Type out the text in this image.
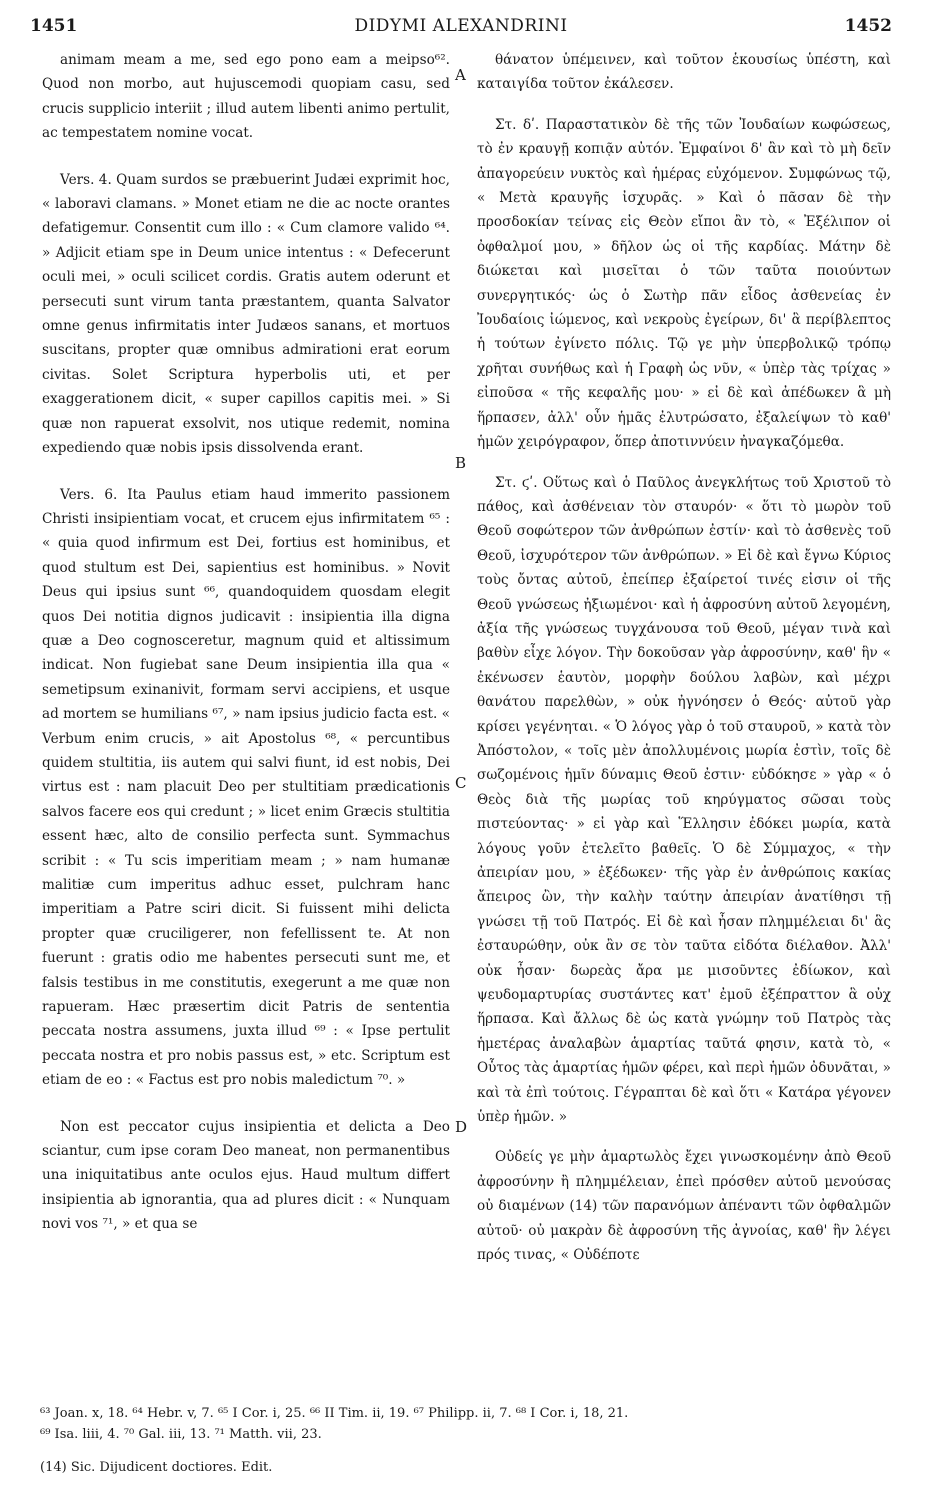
1451	DIDYMI ALEXANDRINI	1452

animam meam a me, sed ego pono eam a meipso⁶². Quod non morbo, aut hujuscemodi quopiam casu, sed crucis supplicio interiit ; illud autem libenti animo pertulit, ac tempestatem nomine vocat.

Vers. 4. Quam surdos se præbuerint Judæi exprimit hoc, « laboravi clamans. » Monet etiam ne die ac nocte orantes defatigemur. Consentit cum illo : « Cum clamore valido ⁶⁴. » Adjicit etiam spe in Deum unice intentus : « Defecerunt oculi mei, » oculi scilicet cordis. Gratis autem oderunt et persecuti sunt virum tanta præstantem, quanta Salvator omne genus infirmitatis inter Judæos sanans, et mortuos suscitans, propter quæ omnibus admirationi erat eorum civitas. Solet Scriptura hyperbolis uti, et per exaggerationem dicit, « super capillos capitis mei. » Si quæ non rapuerat exsolvit, nos utique redemit, nomina expediendo quæ nobis ipsis dissolvenda erant.

Vers. 6. Ita Paulus etiam haud immerito passionem Christi insipientiam vocat, et crucem ejus infirmitatem ⁶⁵ : « quia quod infirmum est Dei, fortius est hominibus, et quod stultum est Dei, sapientius est hominibus. » Novit Deus qui ipsius sunt ⁶⁶, quandoquidem quosdam elegit quos Dei notitia dignos judicavit : insipientia illa digna quæ a Deo cognosceretur, magnum quid et altissimum indicat. Non fugiebat sane Deum insipientia illa qua « semetipsum exinanivit, formam servi accipiens, et usque ad mortem se humilians ⁶⁷, » nam ipsius judicio facta est. « Verbum enim crucis, » ait Apostolus ⁶⁸, « percuntibus quidem stultitia, iis autem qui salvi fiunt, id est nobis, Dei virtus est : nam placuit Deo per stultitiam prædicationis salvos facere eos qui credunt ; » licet enim Græcis stultitia essent hæc, alto de consilio perfecta sunt. Symmachus scribit : « Tu scis imperitiam meam ; » nam humanæ malitiæ cum imperitus adhuc esset, pulchram hanc imperitiam a Patre sciri dicit. Si fuissent mihi delicta propter quæ cruciligerer, non fefellissent te. At non fuerunt : gratis odio me habentes persecuti sunt me, et falsis testibus in me constitutis, exegerunt a me quæ non rapueram. Hæc præsertim dicit Patris de sententia peccata nostra assumens, juxta illud ⁶⁹ : « Ipse pertulit peccata nostra et pro nobis passus est, » etc. Scriptum est etiam de eo : « Factus est pro nobis maledictum ⁷⁰. »

Non est peccator cujus insipientia et delicta a Deo sciantur, cum ipse coram Deo maneat, non permanentibus una iniquitatibus ante oculos ejus. Haud multum differt insipientia ab ignorantia, qua ad plures dicit : « Nunquam novi vos ⁷¹, » et qua se

A
B
C
D

θάνατον ὑπέμεινεν, καὶ τοῦτον ἑκουσίως ὑπέστη, καὶ καταιγίδα τοῦτον ἐκάλεσεν.

Στ. δʹ. Παραστατικὸν δὲ τῆς τῶν Ἰουδαίων κωφώσεως, τὸ ἐν κραυγῇ κοπιᾷν αὐτόν. Ἐμφαίνοι δ' ἂν καὶ τὸ μὴ δεῖν ἀπαγορεύειν νυκτὸς καὶ ἡμέρας εὐχόμενον. Συμφώνως τῷ, « Μετὰ κραυγῆς ἰσχυρᾶς. » Καὶ ὁ πᾶσαν δὲ τὴν προσδοκίαν τείνας εἰς Θεὸν εἴποι ἂν τὸ, « Ἐξέλιπον οἱ ὀφθαλμοί μου, » δῆλον ὡς οἱ τῆς καρδίας. Μάτην δὲ διώκεται καὶ μισεῖται ὁ τῶν ταῦτα ποιούντων συνεργητικός· ὡς ὁ Σωτὴρ πᾶν εἶδος ἀσθενείας ἐν Ἰουδαίοις ἰώμενος, καὶ νεκροὺς ἐγείρων, δι' ἃ περίβλεπτος ἡ τούτων ἐγίνετο πόλις. Τῷ γε μὴν ὑπερβολικῷ τρόπῳ χρῆται συνήθως καὶ ἡ Γραφὴ ὡς νῦν, « ὑπὲρ τὰς τρίχας » εἰποῦσα « τῆς κεφαλῆς μου· » εἰ δὲ καὶ ἀπέδωκεν ἃ μὴ ἥρπασεν, ἀλλ' οὖν ἡμᾶς ἐλυτρώσατο, ἐξαλείψων τὸ καθ' ἡμῶν χειρόγραφον, ὅπερ ἀποτιννύειν ἠναγκαζόμεθα.

Στ. ϛʹ. Οὕτως καὶ ὁ Παῦλος ἀνεγκλήτως τοῦ Χριστοῦ τὸ πάθος, καὶ ἀσθένειαν τὸν σταυρόν· « ὅτι τὸ μωρὸν τοῦ Θεοῦ σοφώτερον τῶν ἀνθρώπων ἐστίν· καὶ τὸ ἀσθενὲς τοῦ Θεοῦ, ἰσχυρότερον τῶν ἀνθρώπων. » Εἰ δὲ καὶ ἔγνω Κύριος τοὺς ὄντας αὐτοῦ, ἐπείπερ ἐξαίρετοί τινές εἰσιν οἱ τῆς Θεοῦ γνώσεως ἠξιωμένοι· καὶ ἡ ἀφροσύνη αὐτοῦ λεγομένη, ἀξία τῆς γνώσεως τυγχάνουσα τοῦ Θεοῦ, μέγαν τινὰ καὶ βαθὺν εἶχε λόγον. Τὴν δοκοῦσαν γὰρ ἀφροσύνην, καθ' ἣν « ἐκένωσεν ἑαυτὸν, μορφὴν δούλου λαβὼν, καὶ μέχρι θανάτου παρελθὼν, » οὐκ ἠγνόησεν ὁ Θεός· αὐτοῦ γὰρ κρίσει γεγένηται. « Ὁ λόγος γὰρ ὁ τοῦ σταυροῦ, » κατὰ τὸν Ἀπόστολον, « τοῖς μὲν ἀπολλυμένοις μωρία ἐστὶν, τοῖς δὲ σωζομένοις ἡμῖν δύναμις Θεοῦ ἐστιν· εὐδόκησε » γὰρ « ὁ Θεὸς διὰ τῆς μωρίας τοῦ κηρύγματος σῶσαι τοὺς πιστεύοντας· » εἰ γὰρ καὶ Ἕλλησιν ἐδόκει μωρία, κατὰ λόγους γοῦν ἐτελεῖτο βαθεῖς. Ὁ δὲ Σύμμαχος, « τὴν ἀπειρίαν μου, » ἐξέδωκεν· τῆς γὰρ ἐν ἀνθρώποις κακίας ἄπειρος ὢν, τὴν καλὴν ταύτην ἀπειρίαν ἀνατίθησι τῇ γνώσει τῇ τοῦ Πατρός. Εἰ δὲ καὶ ἦσαν πλημμέλειαι δι' ἃς ἐσταυρώθην, οὐκ ἂν σε τὸν ταῦτα εἰδότα διέλαθον. Ἀλλ' οὐκ ἦσαν· δωρεὰς ἄρα με μισοῦντες ἐδίωκον, καὶ ψευδομαρτυρίας συστάντες κατ' ἐμοῦ ἐξέπραττον ἃ οὐχ ἥρπασα. Καὶ ἄλλως δὲ ὡς κατὰ γνώμην τοῦ Πατρὸς τὰς ἡμετέρας ἀναλαβὼν ἁμαρτίας ταῦτά φησιν, κατὰ τὸ, « Οὗτος τὰς ἁμαρτίας ἡμῶν φέρει, καὶ περὶ ἡμῶν ὀδυνᾶται, » καὶ τὰ ἐπὶ τούτοις. Γέγραπται δὲ καὶ ὅτι « Κατάρα γέγονεν ὑπὲρ ἡμῶν. »

Οὐδείς γε μὴν ἁμαρτωλὸς ἔχει γινωσκομένην ἀπὸ Θεοῦ ἀφροσύνην ἢ πλημμέλειαν, ἐπεὶ πρόσθεν αὐτοῦ μενούσας οὐ διαμένων (14) τῶν παρανόμων ἀπέναντι τῶν ὀφθαλμῶν αὐτοῦ· οὐ μακρὰν δὲ ἀφροσύνη τῆς ἀγνοίας, καθ' ἣν λέγει πρός τινας, « Οὐδέποτε

⁶³ Joan. x, 18. ⁶⁴ Hebr. v, 7. ⁶⁵ I Cor. i, 25. ⁶⁶ II Tim. ii, 19. ⁶⁷ Philipp. ii, 7. ⁶⁸ I Cor. i, 18, 21.
⁶⁹ Isa. liii, 4. ⁷⁰ Gal. iii, 13. ⁷¹ Matth. vii, 23.
(14) Sic. Dijudicent doctiores. Edit.
